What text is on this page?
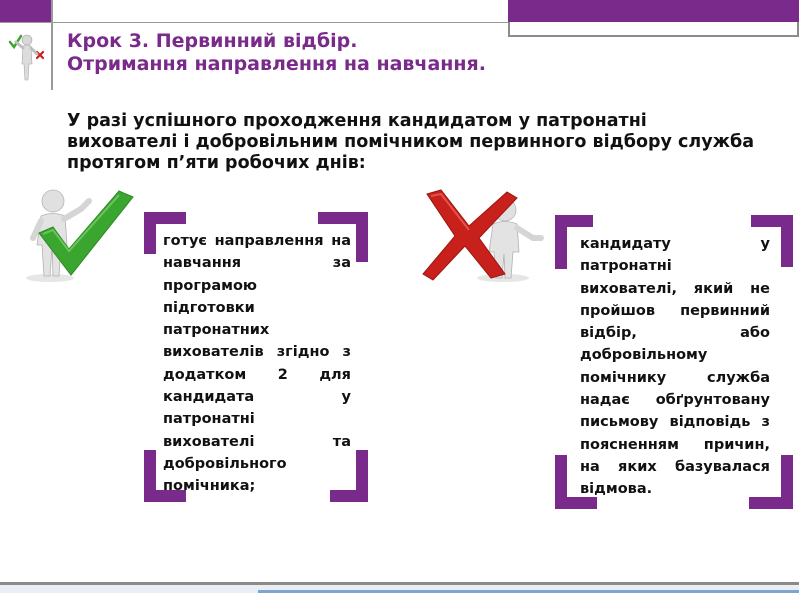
Крок 3. Первинний відбір.
Отримання направлення на навчання.
У разі успішного проходження кандидатом у патронатні вихователі і добровільним помічником первинного відбору служба протягом п’яти робочих днів:
готує направлення на навчання за програмою підготовки патронатних вихователів згідно з додатком 2 для кандидата у патронатні вихователі та добровільного помічника;
кандидату у патронатні вихователі, який не пройшов первинний відбір, або добровільному помічнику служба надає обґрунтовану письмову відповідь з поясненням причин, на яких базувалася відмова.
